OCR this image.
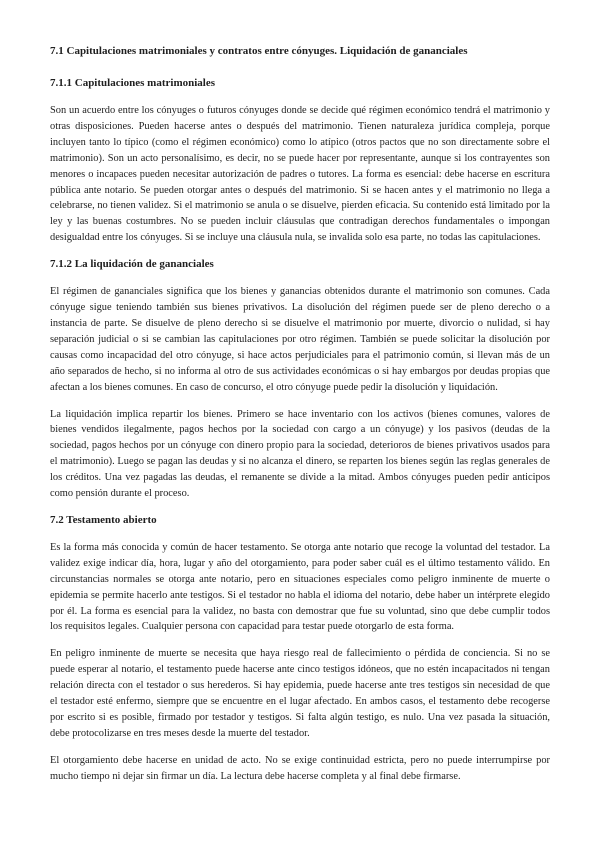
7.1 Capitulaciones matrimoniales y contratos entre cónyuges. Liquidación de gananciales
7.1.1 Capitulaciones matrimoniales

Son un acuerdo entre los cónyuges o futuros cónyuges donde se decide qué régimen económico tendrá el matrimonio y otras disposiciones. Pueden hacerse antes o después del matrimonio. Tienen naturaleza jurídica compleja, porque incluyen tanto lo típico (como el régimen económico) como lo atípico (otros pactos que no son directamente sobre el matrimonio). Son un acto personalísimo, es decir, no se puede hacer por representante, aunque si los contrayentes son menores o incapaces pueden necesitar autorización de padres o tutores. La forma es esencial: debe hacerse en escritura pública ante notario. Se pueden otorgar antes o después del matrimonio. Si se hacen antes y el matrimonio no llega a celebrarse, no tienen validez. Si el matrimonio se anula o se disuelve, pierden eficacia. Su contenido está limitado por la ley y las buenas costumbres. No se pueden incluir cláusulas que contradigan derechos fundamentales o impongan desigualdad entre los cónyuges. Si se incluye una cláusula nula, se invalida solo esa parte, no todas las capitulaciones.

7.1.2 La liquidación de gananciales

El régimen de gananciales significa que los bienes y ganancias obtenidos durante el matrimonio son comunes. Cada cónyuge sigue teniendo también sus bienes privativos. La disolución del régimen puede ser de pleno derecho o a instancia de parte. Se disuelve de pleno derecho si se disuelve el matrimonio por muerte, divorcio o nulidad, si hay separación judicial o si se cambian las capitulaciones por otro régimen. También se puede solicitar la disolución por causas como incapacidad del otro cónyuge, si hace actos perjudiciales para el patrimonio común, si llevan más de un año separados de hecho, si no informa al otro de sus actividades económicas o si hay embargos por deudas propias que afectan a los bienes comunes. En caso de concurso, el otro cónyuge puede pedir la disolución y liquidación.

La liquidación implica repartir los bienes. Primero se hace inventario con los activos (bienes comunes, valores de bienes vendidos ilegalmente, pagos hechos por la sociedad con cargo a un cónyuge) y los pasivos (deudas de la sociedad, pagos hechos por un cónyuge con dinero propio para la sociedad, deterioros de bienes privativos usados para el matrimonio). Luego se pagan las deudas y si no alcanza el dinero, se reparten los bienes según las reglas generales de los créditos. Una vez pagadas las deudas, el remanente se divide a la mitad. Ambos cónyuges pueden pedir anticipos como pensión durante el proceso.

7.2 Testamento abierto

Es la forma más conocida y común de hacer testamento. Se otorga ante notario que recoge la voluntad del testador. La validez exige indicar día, hora, lugar y año del otorgamiento, para poder saber cuál es el último testamento válido. En circunstancias normales se otorga ante notario, pero en situaciones especiales como peligro inminente de muerte o epidemia se permite hacerlo ante testigos. Si el testador no habla el idioma del notario, debe haber un intérprete elegido por él. La forma es esencial para la validez, no basta con demostrar que fue su voluntad, sino que debe cumplir todos los requisitos legales. Cualquier persona con capacidad para testar puede otorgarlo de esta forma.

En peligro inminente de muerte se necesita que haya riesgo real de fallecimiento o pérdida de conciencia. Si no se puede esperar al notario, el testamento puede hacerse ante cinco testigos idóneos, que no estén incapacitados ni tengan relación directa con el testador o sus herederos. Si hay epidemia, puede hacerse ante tres testigos sin necesidad de que el testador esté enfermo, siempre que se encuentre en el lugar afectado. En ambos casos, el testamento debe recogerse por escrito si es posible, firmado por testador y testigos. Si falta algún testigo, es nulo. Una vez pasada la situación, debe protocolizarse en tres meses desde la muerte del testador.

El otorgamiento debe hacerse en unidad de acto. No se exige continuidad estricta, pero no puede interrumpirse por mucho tiempo ni dejar sin firmar un día. La lectura debe hacerse completa y al final debe firmarse.
